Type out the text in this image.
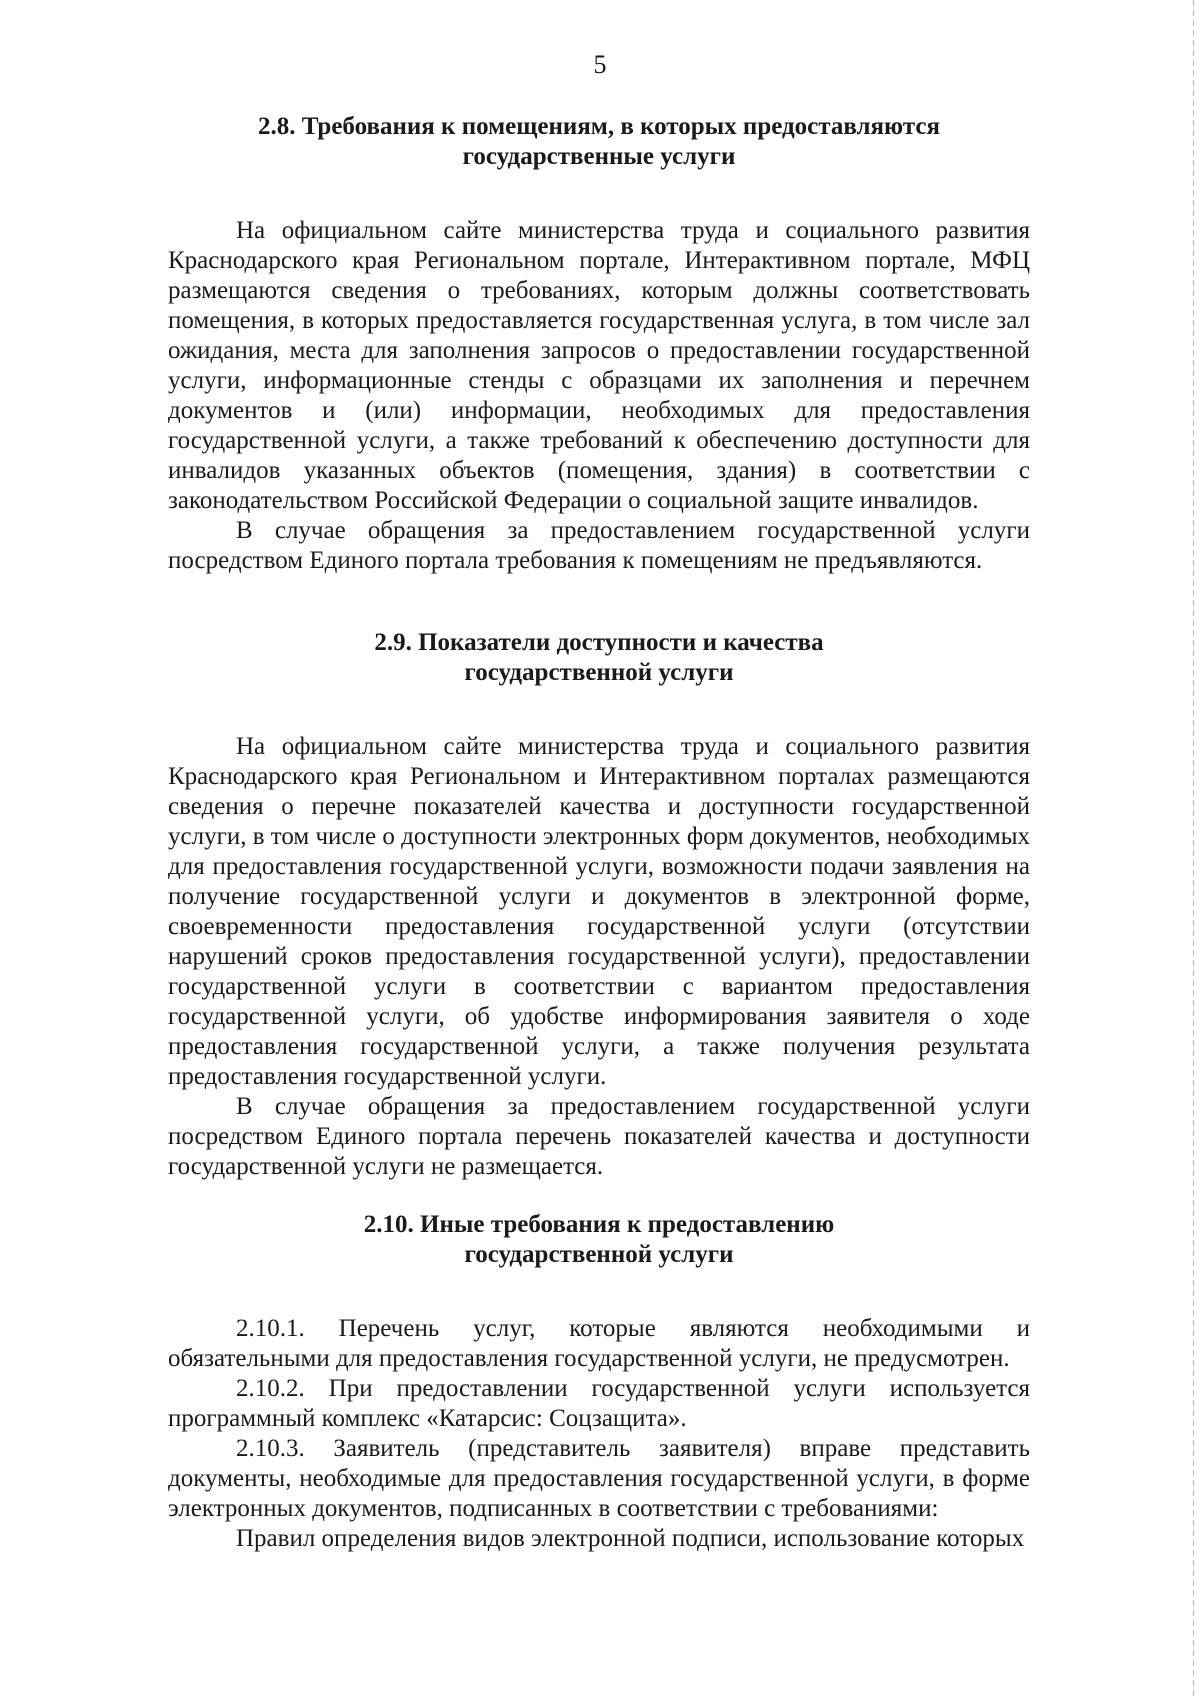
5
2.8. Требования к помещениям, в которых предоставляются
государственные услуги

На официальном сайте министерства труда и социального развития Краснодарского края Региональном портале, Интерактивном портале, МФЦ размещаются сведения о требованиях, которым должны соответствовать помещения, в которых предоставляется государственная услуга, в том числе зал ожидания, места для заполнения запросов о предоставлении государственной услуги, информационные стенды с образцами их заполнения и перечнем документов и (или) информации, необходимых для предоставления государственной услуги, а также требований к обеспечению доступности для инвалидов указанных объектов (помещения, здания) в соответствии с законодательством Российской Федерации о социальной защите инвалидов.

В случае обращения за предоставлением государственной услуги посредством Единого портала требования к помещениям не предъявляются.

2.9. Показатели доступности и качества
государственной услуги

На официальном сайте министерства труда и социального развития Краснодарского края Региональном и Интерактивном порталах размещаются сведения о перечне показателей качества и доступности государственной услуги, в том числе о доступности электронных форм документов, необходимых для предоставления государственной услуги, возможности подачи заявления на получение государственной услуги и документов в электронной форме, своевременности предоставления государственной услуги (отсутствии нарушений сроков предоставления государственной услуги), предоставлении государственной услуги в соответствии с вариантом предоставления государственной услуги, об удобстве информирования заявителя о ходе предоставления государственной услуги, а также получения результата предоставления государственной услуги.

В случае обращения за предоставлением государственной услуги посредством Единого портала перечень показателей качества и доступности государственной услуги не размещается.

2.10. Иные требования к предоставлению
государственной услуги

2.10.1. Перечень услуг, которые являются необходимыми и обязательными для предоставления государственной услуги, не предусмотрен.

2.10.2. При предоставлении государственной услуги используется программный комплекс «Катарсис: Соцзащита».

2.10.3. Заявитель (представитель заявителя) вправе представить документы, необходимые для предоставления государственной услуги, в форме электронных документов, подписанных в соответствии с требованиями:

Правил определения видов электронной подписи, использование которых
